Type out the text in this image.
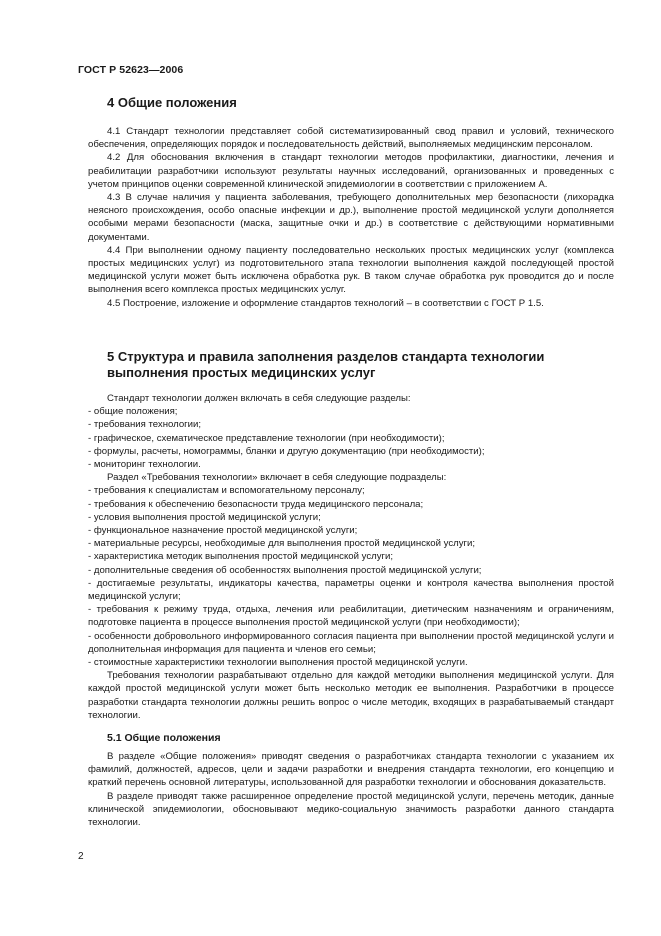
ГОСТ Р 52623—2006
4 Общие положения

4.1 Стандарт технологии представляет собой систематизированный свод правил и условий, технического обеспечения, определяющих порядок и последовательность действий, выполняемых медицинским персоналом.

4.2 Для обоснования включения в стандарт технологии методов профилактики, диагностики, лечения и реабилитации разработчики используют результаты научных исследований, организованных и проведенных с учетом принципов оценки современной клинической эпидемиологии в соответствии с приложением А.

4.3 В случае наличия у пациента заболевания, требующего дополнительных мер безопасности (лихорадка неясного происхождения, особо опасные инфекции и др.), выполнение простой медицинской услуги дополняется особыми мерами безопасности (маска, защитные очки и др.) в соответствие с действующими нормативными документами.

4.4 При выполнении одному пациенту последовательно нескольких простых медицинских услуг (комплекса простых медицинских услуг) из подготовительного этапа технологии выполнения каждой последующей простой медицинской услуги может быть исключена обработка рук. В таком случае обработка рук проводится до и после выполнения всего комплекса простых медицинских услуг.

4.5 Построение, изложение и оформление стандартов технологий – в соответствии с ГОСТ Р 1.5.

5 Структура и правила заполнения разделов стандарта технологии выполнения простых медицинских услуг

Стандарт технологии должен включать в себя следующие разделы:

- общие положения;

- требования технологии;

- графическое, схематическое представление технологии (при необходимости);

- формулы, расчеты, номограммы, бланки и другую документацию (при необходимости);

- мониторинг технологии.

Раздел «Требования технологии» включает в себя следующие подразделы:

- требования к специалистам и вспомогательному персоналу;

- требования к обеспечению безопасности труда медицинского персонала;

- условия выполнения простой медицинской услуги;

- функциональное назначение простой медицинской услуги;

- материальные ресурсы, необходимые для выполнения простой медицинской услуги;

- характеристика методик выполнения простой медицинской услуги;

- дополнительные сведения об особенностях выполнения простой медицинской услуги;

- достигаемые результаты, индикаторы качества, параметры оценки и контроля качества выполнения простой медицинской услуги;

- требования к режиму труда, отдыха, лечения или реабилитации, диетическим назначениям и ограничениям, подготовке пациента в процессе выполнения простой медицинской услуги (при необходимости);

- особенности добровольного информированного согласия пациента при выполнении простой медицинской услуги и дополнительная информация для пациента и членов его семьи;

- стоимостные характеристики технологии выполнения простой медицинской услуги.

Требования технологии разрабатывают отдельно для каждой методики выполнения медицинской услуги. Для каждой простой медицинской услуги может быть несколько методик ее выполнения. Разработчики в процессе разработки стандарта технологии должны решить вопрос о числе методик, входящих в разрабатываемый стандарт технологии.

5.1 Общие положения

В разделе «Общие положения» приводят сведения о разработчиках стандарта технологии с указанием их фамилий, должностей, адресов, цели и задачи разработки и внедрения стандарта технологии, его концепцию и краткий перечень основной литературы, использованной для разработки технологии и обоснования доказательств.

В разделе приводят также расширенное определение простой медицинской услуги, перечень методик, данные клинической эпидемиологии, обосновывают медико-социальную значимость разработки данного стандарта технологии.

2
